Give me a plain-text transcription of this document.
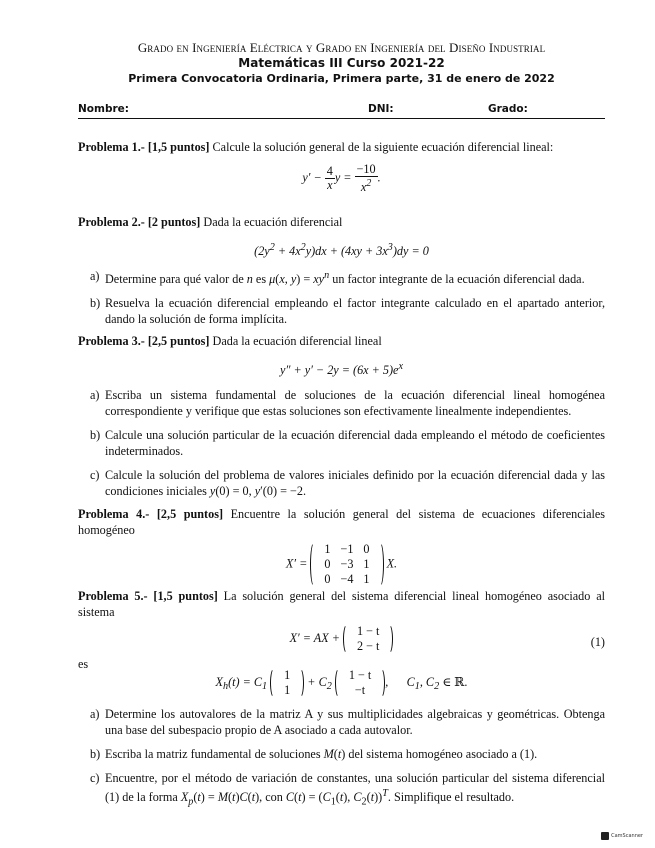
Grado en Ingeniería Eléctrica y Grado en Ingeniería del Diseño Industrial
Matemáticas III Curso 2021-22
Primera Convocatoria Ordinaria, Primera parte, 31 de enero de 2022
Nombre:	DNI:	Grado:
Problema 1.- [1,5 puntos] Calcule la solución general de la siguiente ecuación diferencial lineal:
$y' - \frac{4}{x}$ $y = \frac{-10}{x^2}$ .
Problema 2.- [2 puntos] Dada la ecuación diferencial
$(2y^2 + 4x^2y)dx + (4xy + 3x^3)dy = 0$
a) Determine para qué valor de n es μ(x, $y) = xy^n$ un factor integrante de la ecuación diferencial dada.
b) Resuelva la ecuación diferencial empleando el factor integrante calculado en el apartado anterior, dando la solución de forma implícita.
Problema 3.- [2,5 puntos] Dada la ecuación diferencial lineal
$y'' + y' - 2y = (6x + 5)e^x$
a) Escriba un sistema fundamental de soluciones de la ecuación diferencial lineal homogénea correspondiente y verifique que estas soluciones son efectivamente linealmente independientes.
b) Calcule una solución particular de la ecuación diferencial dada empleando el método de coeficientes indeterminados.
c) Calcule la solución del problema de valores iniciales definido por la ecuación diferencial dada y las condiciones iniciales y(0) = 0, y′(0) = −2.
Problema 4.- [2,5 puntos] Encuentre la solución general del sistema de ecuaciones diferenciales homogéneo
X′ =
1	−1	0
0	−3	1
0	−4	1
X.
Problema 5.- [1,5 puntos] La solución general del sistema diferencial lineal homogéneo asociado al sistema
X′ = AX + 1 − t
2 − t	(1)
es
$X_h(t) = C_1$
1
1
+ $C_2$
1 − t
−t
,      $C_1$, $C_2$ ∈ ℝ.
a) Determine los autovalores de la matriz A y sus multiplicidades algebraicas y geométricas. Obtenga una base del subespacio propio de A asociado a cada autovalor.
b) Escriba la matriz fundamental de soluciones M(t) del sistema homogéneo asociado a (1).
c) Encuentre, por el método de variación de constantes, una solución particular del sistema diferencial (1) de la forma $X_p(t) = M(t)C(t)$, con $C(t) = (C_1(t)$, $C_2(t))^T$. Simplifique el resultado.
CamScanner
